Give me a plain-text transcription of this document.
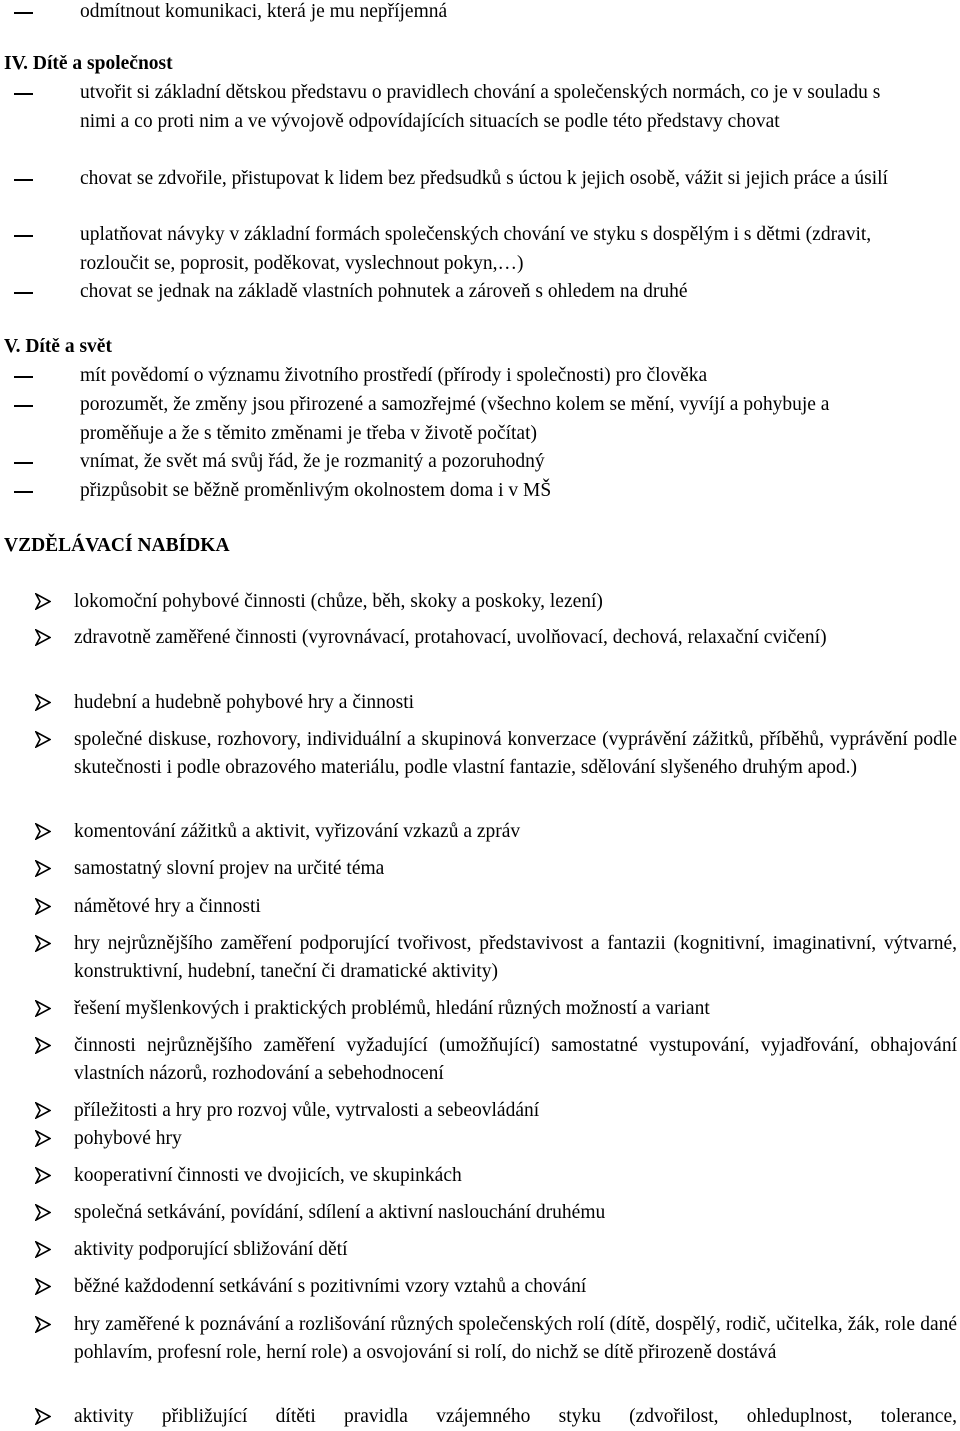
odmítnout komunikaci, která je mu nepříjemná
IV. Dítě a společnost
utvořit si základní dětskou představu o pravidlech chování a společenských normách, co je v souladu s nimi a co proti nim a ve vývojově odpovídajících situacích se podle této představy chovat
chovat se zdvořile, přistupovat k lidem bez předsudků s úctou k jejich osobě, vážit si jejich práce a úsilí
uplatňovat návyky v základní formách společenských chování ve styku s dospělým i s dětmi (zdravit, rozloučit se, poprosit, poděkovat, vyslechnout pokyn,…)
chovat se jednak na základě vlastních pohnutek a zároveň s ohledem na druhé
V. Dítě a svět
mít povědomí o významu životního prostředí (přírody i společnosti) pro člověka
porozumět, že změny jsou přirozené a samozřejmé (všechno kolem se mění, vyvíjí a pohybuje a proměňuje a že s těmito změnami je třeba v životě počítat)
vnímat, že svět má svůj řád, že je rozmanitý a pozoruhodný
přizpůsobit se běžně proměnlivým okolnostem doma i v MŠ
VZDĚLÁVACÍ NABÍDKA
lokomoční pohybové činnosti (chůze, běh, skoky a poskoky, lezení)
zdravotně zaměřené činnosti (vyrovnávací, protahovací, uvolňovací, dechová, relaxační cvičení)
hudební a hudebně pohybové hry a činnosti
společné diskuse, rozhovory, individuální a skupinová konverzace (vyprávění zážitků, příběhů, vyprávění podle skutečnosti i podle obrazového materiálu, podle vlastní fantazie, sdělování slyšeného druhým apod.)
komentování zážitků a aktivit, vyřizování vzkazů a zpráv
samostatný slovní projev na určité téma
námětové hry a činnosti
hry nejrůznějšího zaměření podporující tvořivost, představivost a fantazii (kognitivní, imaginativní, výtvarné, konstruktivní, hudební, taneční či dramatické aktivity)
řešení myšlenkových i praktických problémů, hledání různých možností a variant
činnosti nejrůznějšího zaměření vyžadující (umožňující) samostatné vystupování, vyjadřování, obhajování vlastních názorů, rozhodování a sebehodnocení
příležitosti a hry pro rozvoj vůle, vytrvalosti a sebeovládání
pohybové hry
kooperativní činnosti ve dvojicích, ve skupinkách
společná setkávání, povídání, sdílení a aktivní naslouchání druhému
aktivity podporující sbližování dětí
běžné každodenní setkávání s pozitivními vzory vztahů a chování
hry zaměřené k poznávání a rozlišování různých společenských rolí (dítě, dospělý, rodič, učitelka, žák, role dané pohlavím, profesní role, herní role) a osvojování si rolí, do nichž se dítě přirozeně dostává
aktivity přibližující dítěti pravidla vzájemného styku (zdvořilost, ohleduplnost, tolerance,
